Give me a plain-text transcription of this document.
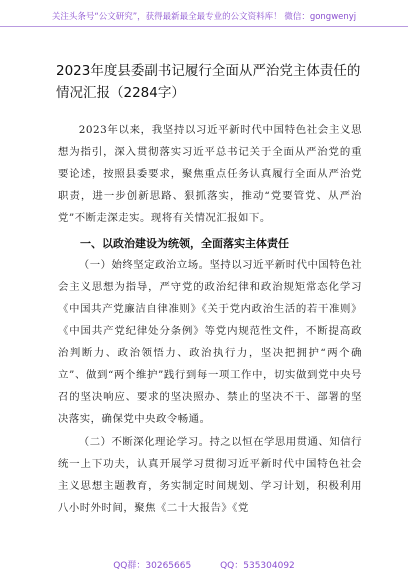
关注头条号“公文研究”，获得最新最全最专业的公文资料库！ 微信：gongwenyj
2023年度县委副书记履行全面从严治党主体责任的情况汇报（2284字）
2023年以来，我坚持以习近平新时代中国特色社会主义思想为指引，深入贯彻落实习近平总书记关于全面从严治党的重要论述，按照县委要求，聚焦重点任务认真履行全面从严治党职责，进一步创新思路、狠抓落实，推动“党要管党、从严治党”不断走深走实。现将有关情况汇报如下。
一、以政治建设为统领，全面落实主体责任
（一）始终坚定政治立场。坚持以习近平新时代中国特色社会主义思想为指导，严守党的政治纪律和政治规矩常态化学习《中国共产党廉洁自律准则》《关于党内政治生活的若干准则》《中国共产党纪律处分条例》等党内规范性文件，不断提高政治判断力、政治领悟力、政治执行力，坚决把拥护“两个确立”、做到“两个维护”践行到每一项工作中，切实做到党中央号召的坚决响应、要求的坚决照办、禁止的坚决不干、部署的坚决落实，确保党中央政令畅通。
（二）不断深化理论学习。持之以恒在学思用贯通、知信行统一上下功夫，认真开展学习贯彻习近平新时代中国特色社会主义思想主题教育，务实制定时间规划、学习计划，积极利用八小时外时间，聚焦《二十大报告》《党
QQ群：30265665	QQ：535304092
